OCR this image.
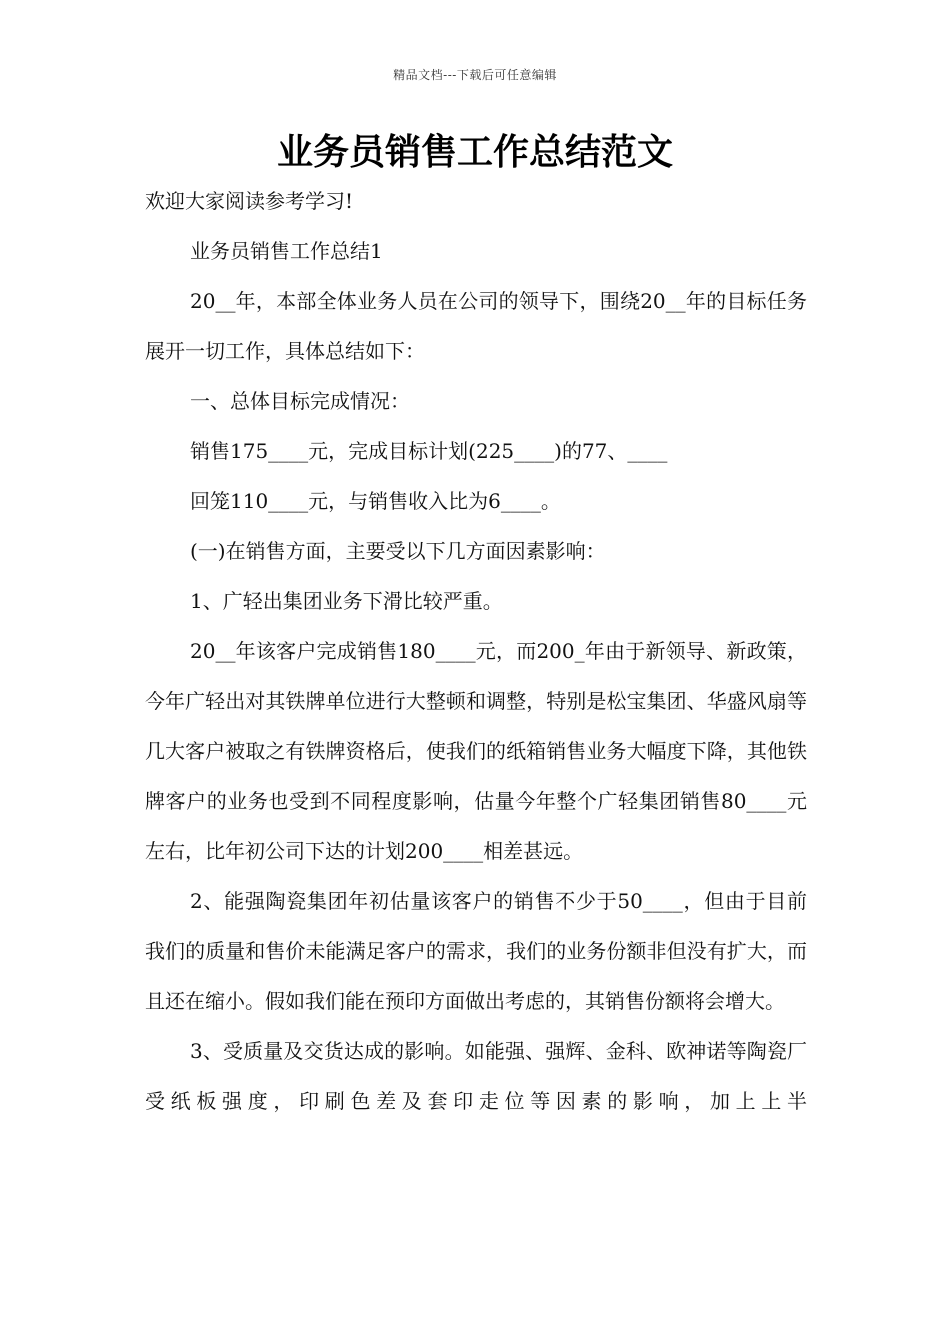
精品文档---下载后可任意编辑
业务员销售工作总结范文

欢迎大家阅读参考学习!

业务员销售工作总结1

20__年，本部全体业务人员在公司的领导下，围绕20__年的目标任务展开一切工作，具体总结如下：

一、总体目标完成情况：

销售175____元，完成目标计划(225____)的77、____

回笼110____元，与销售收入比为6____。

(一)在销售方面，主要受以下几方面因素影响：

1、广轻出集团业务下滑比较严重。

20__年该客户完成销售180____元，而200_年由于新领导、新政策，今年广轻出对其铁牌单位进行大整顿和调整，特别是松宝集团、华盛风扇等几大客户被取之有铁牌资格后，使我们的纸箱销售业务大幅度下降，其他铁牌客户的业务也受到不同程度影响，估量今年整个广轻集团销售80____元左右，比年初公司下达的计划200____相差甚远。

2、能强陶瓷集团年初估量该客户的销售不少于50____，但由于目前我们的质量和售价未能满足客户的需求，我们的业务份额非但没有扩大，而且还在缩小。假如我们能在预印方面做出考虑的，其销售份额将会增大。

3、受质量及交货达成的影响。如能强、强辉、金科、欧神诺等陶瓷厂受纸板强度，印刷色差及套印走位等因素的影响，加上上半
